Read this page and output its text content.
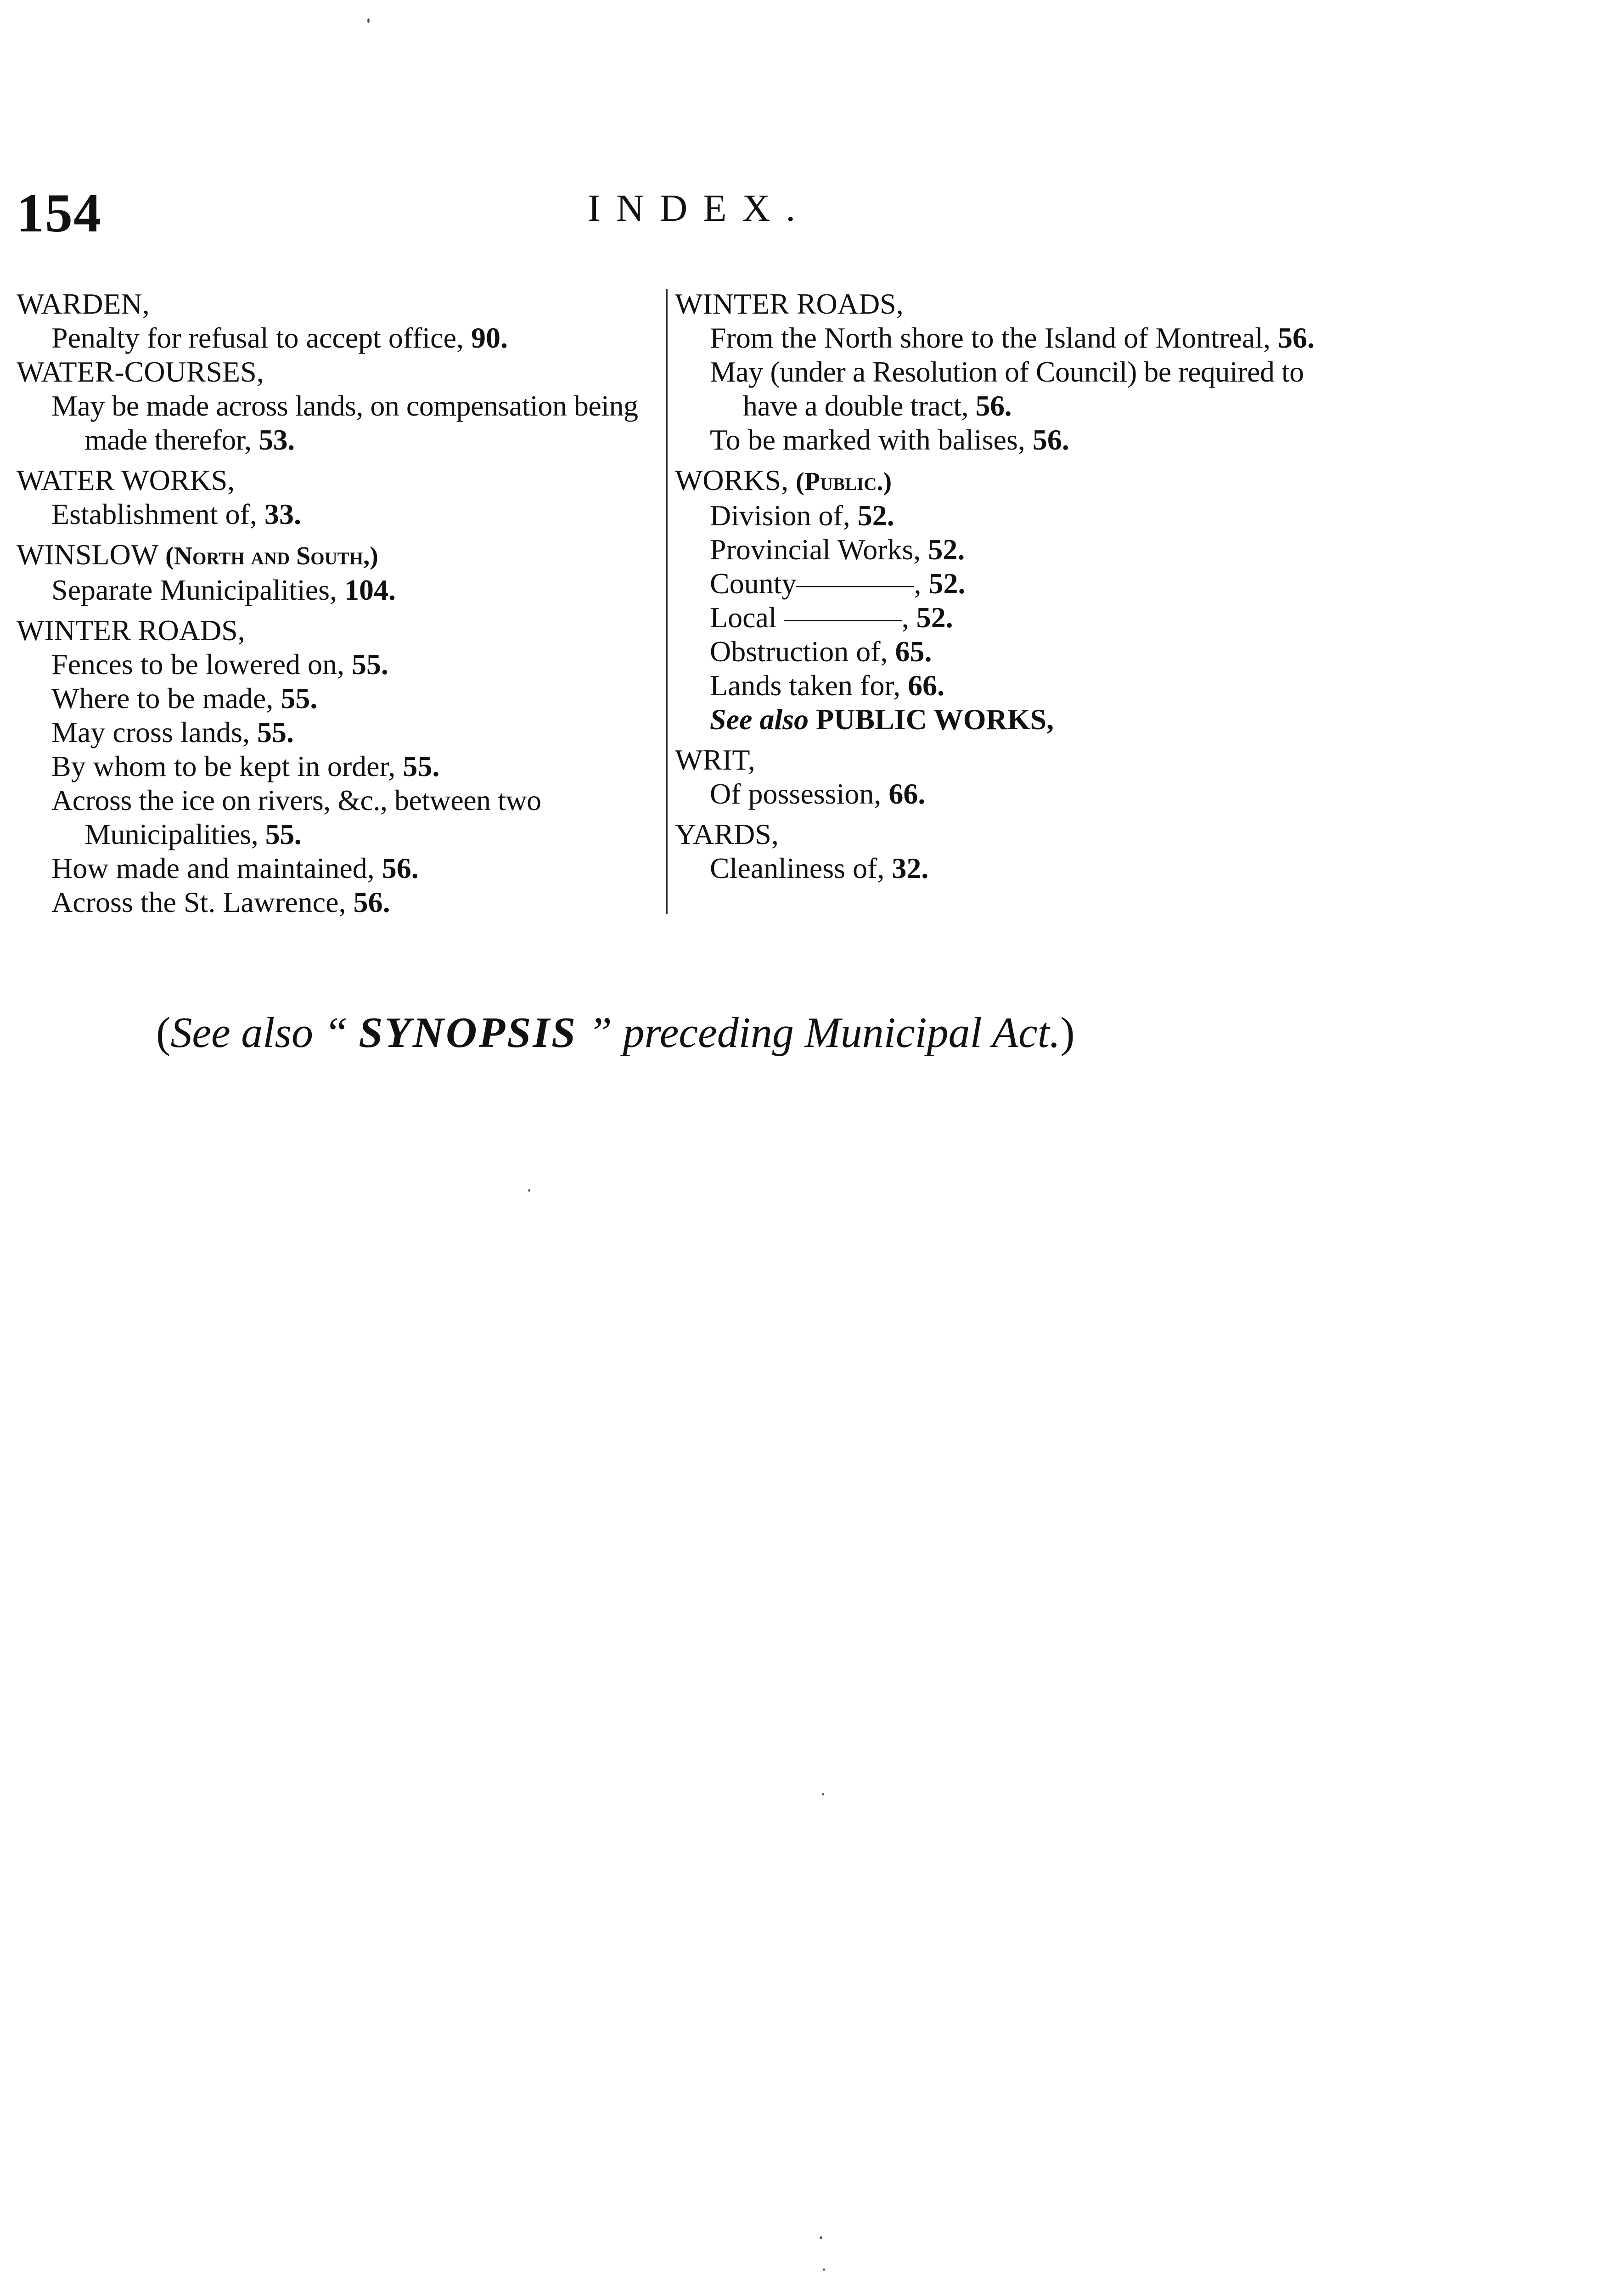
154	INDEX.

WARDEN,

Penalty for refusal to accept office, 90.

WATER-COURSES,

May be made across lands, on compensation being made therefor, 53.

WATER WORKS,

Establishment of, 33.

WINSLOW (North and South,)

Separate Municipalities, 104.

WINTER ROADS,

Fences to be lowered on, 55.

Where to be made, 55.

May cross lands, 55.

By whom to be kept in order, 55.

Across the ice on rivers, &c., between two Municipalities, 55.

How made and maintained, 56.

Across the St. Lawrence, 56.

WINTER ROADS,

From the North shore to the Island of Montreal, 56.

May (under a Resolution of Council) be required to have a double tract, 56.

To be marked with balises, 56.

WORKS, (Public.)

Division of, 52.

Provincial Works, 52.

County————, 52.

Local ————, 52.

Obstruction of, 65.

Lands taken for, 66.

See also PUBLIC WORKS,

WRIT,

Of possession, 66.

YARDS,

Cleanliness of, 32.

(See also “ SYNOPSIS ” preceding Municipal Act.)
